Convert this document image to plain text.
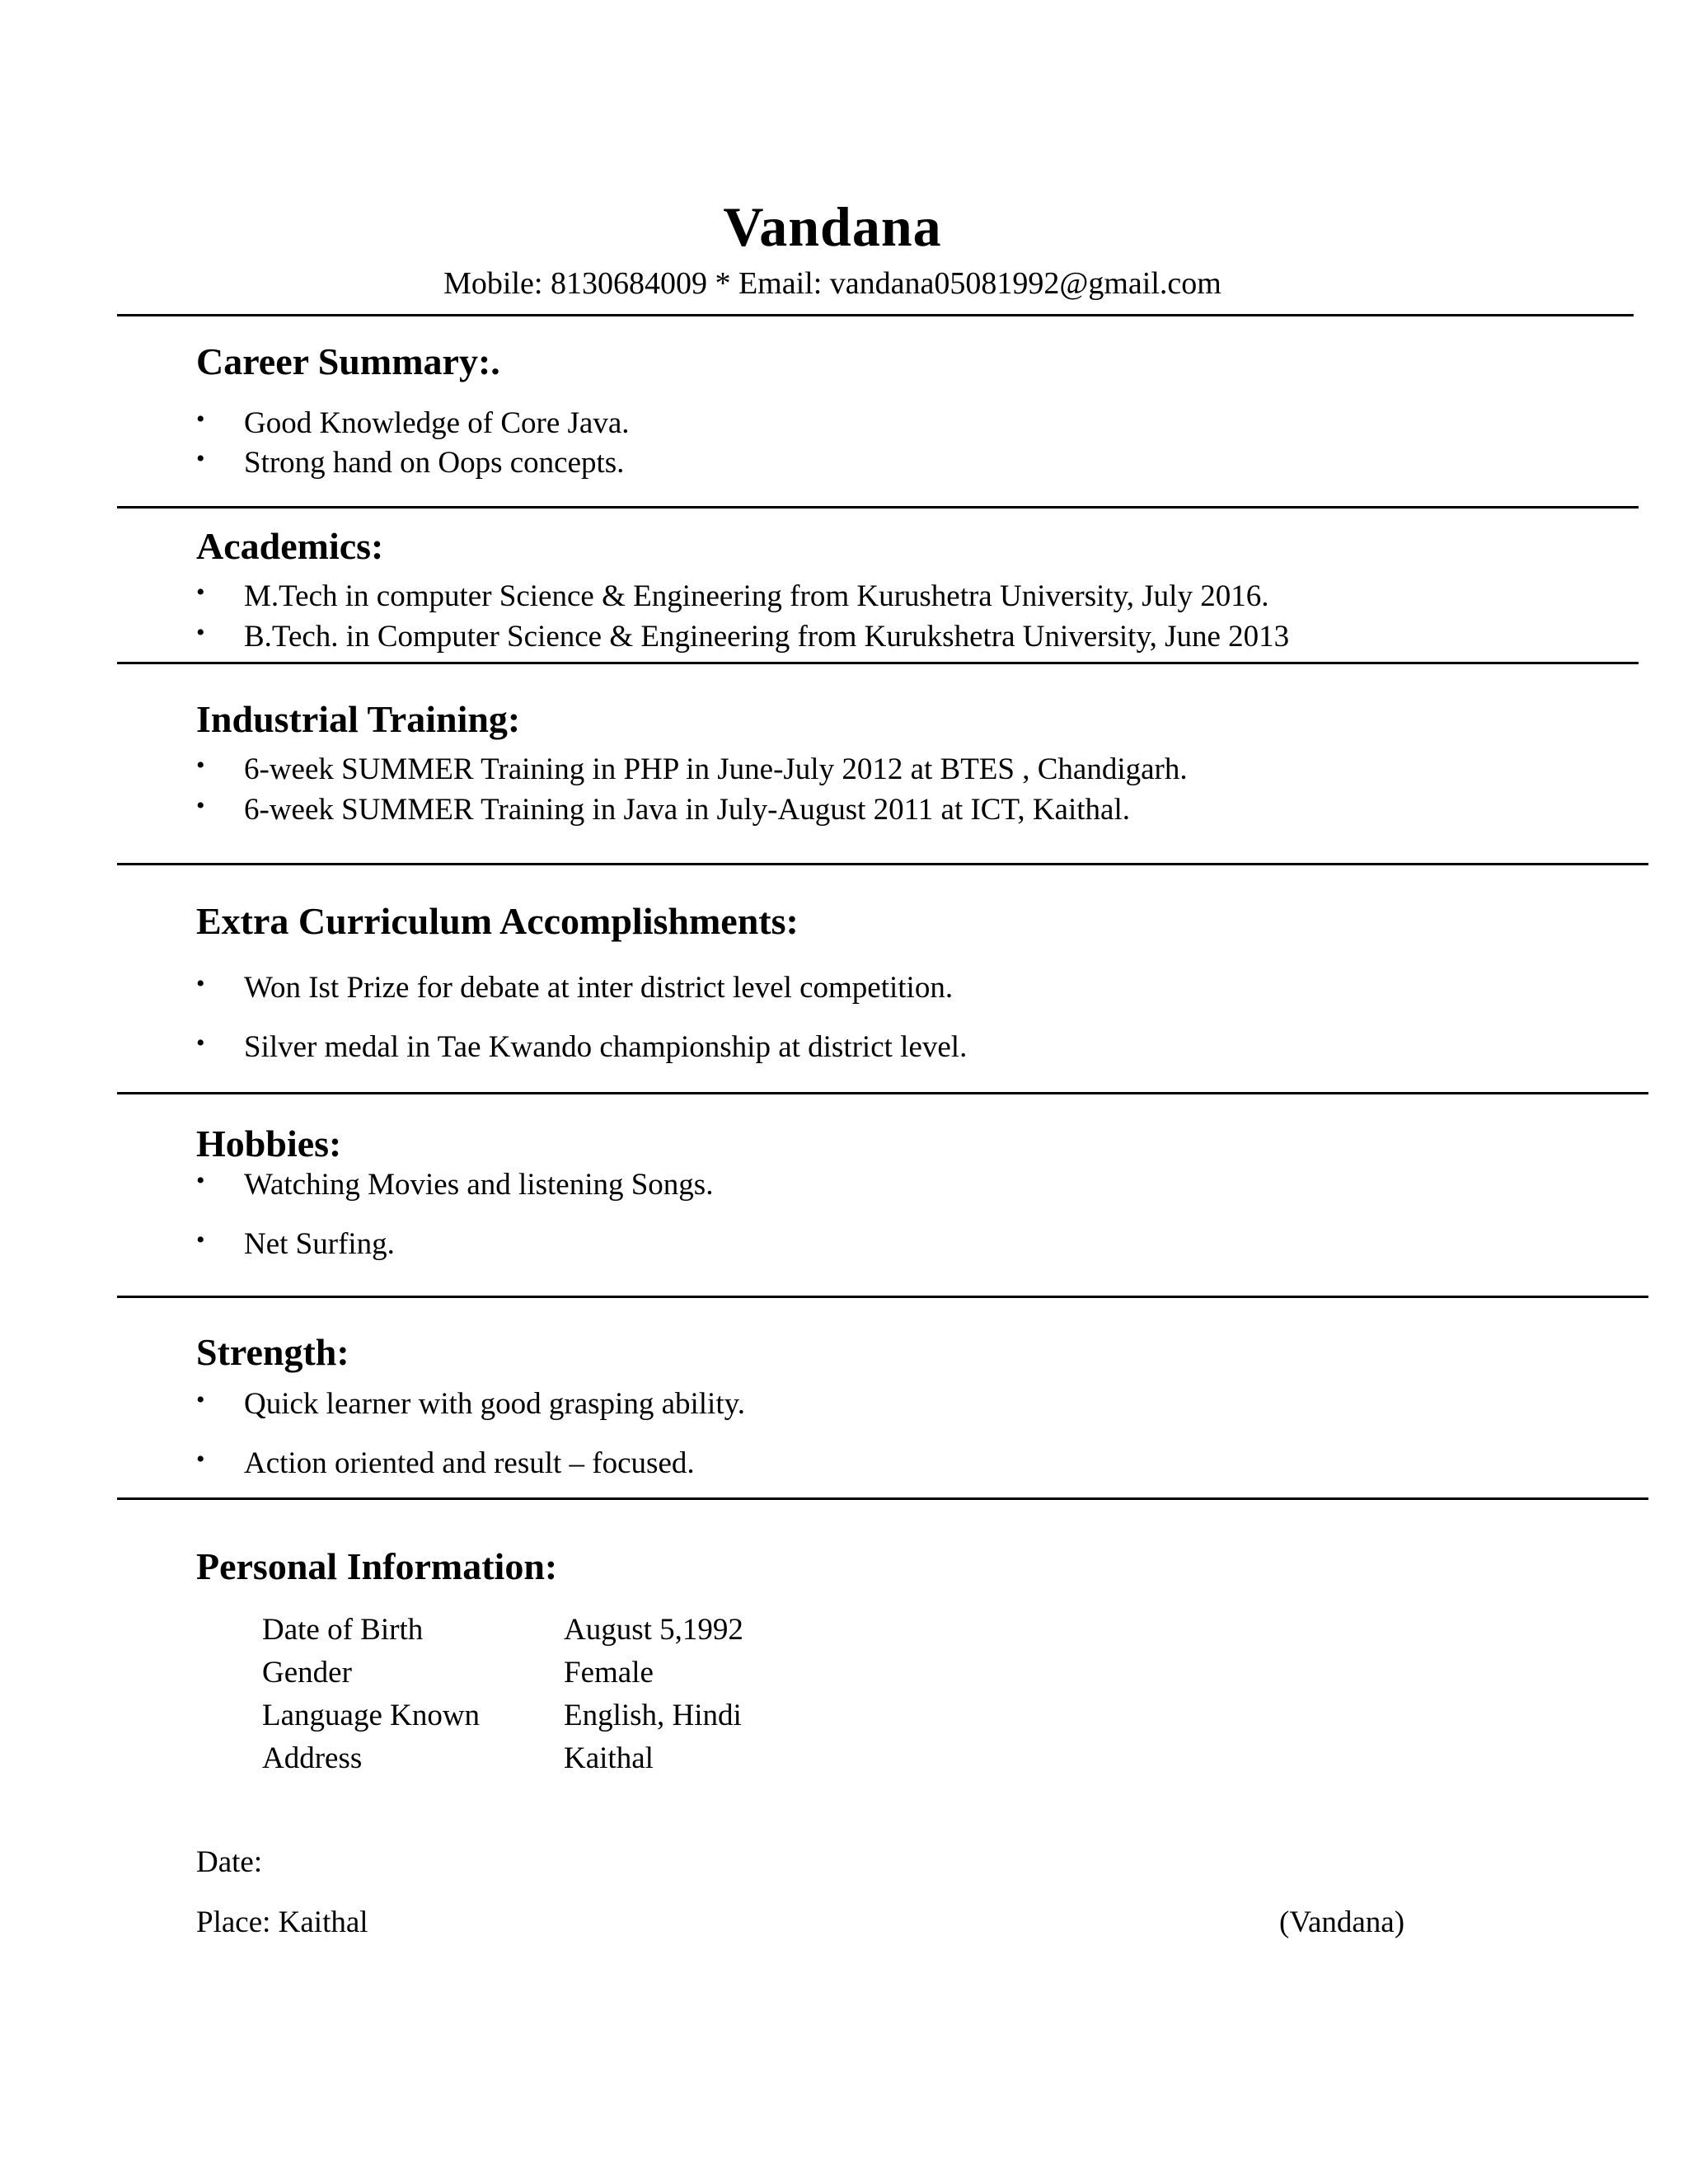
Vandana
Mobile: 8130684009 * Email: vandana05081992@gmail.com
Career Summary:.
• Good Knowledge of Core Java.
• Strong hand on Oops concepts.
Academics:
• M.Tech in computer Science & Engineering from Kurushetra University, July 2016.
• B.Tech. in Computer Science & Engineering from Kurukshetra University, June 2013
Industrial Training:
• 6-week SUMMER Training in PHP in June-July 2012 at BTES , Chandigarh.
• 6-week SUMMER Training in Java in July-August 2011 at ICT, Kaithal.
Extra Curriculum Accomplishments:
• Won Ist Prize for debate at inter district level competition.
• Silver medal in Tae Kwando championship at district level.
Hobbies:
• Watching Movies and listening Songs.
• Net Surfing.
Strength:
• Quick learner with good grasping ability.
• Action oriented and result – focused.
Personal Information:
Date of Birth	August 5,1992
Gender	Female
Language Known	English, Hindi
Address	Kaithal
Date:
Place: Kaithal	(Vandana)
